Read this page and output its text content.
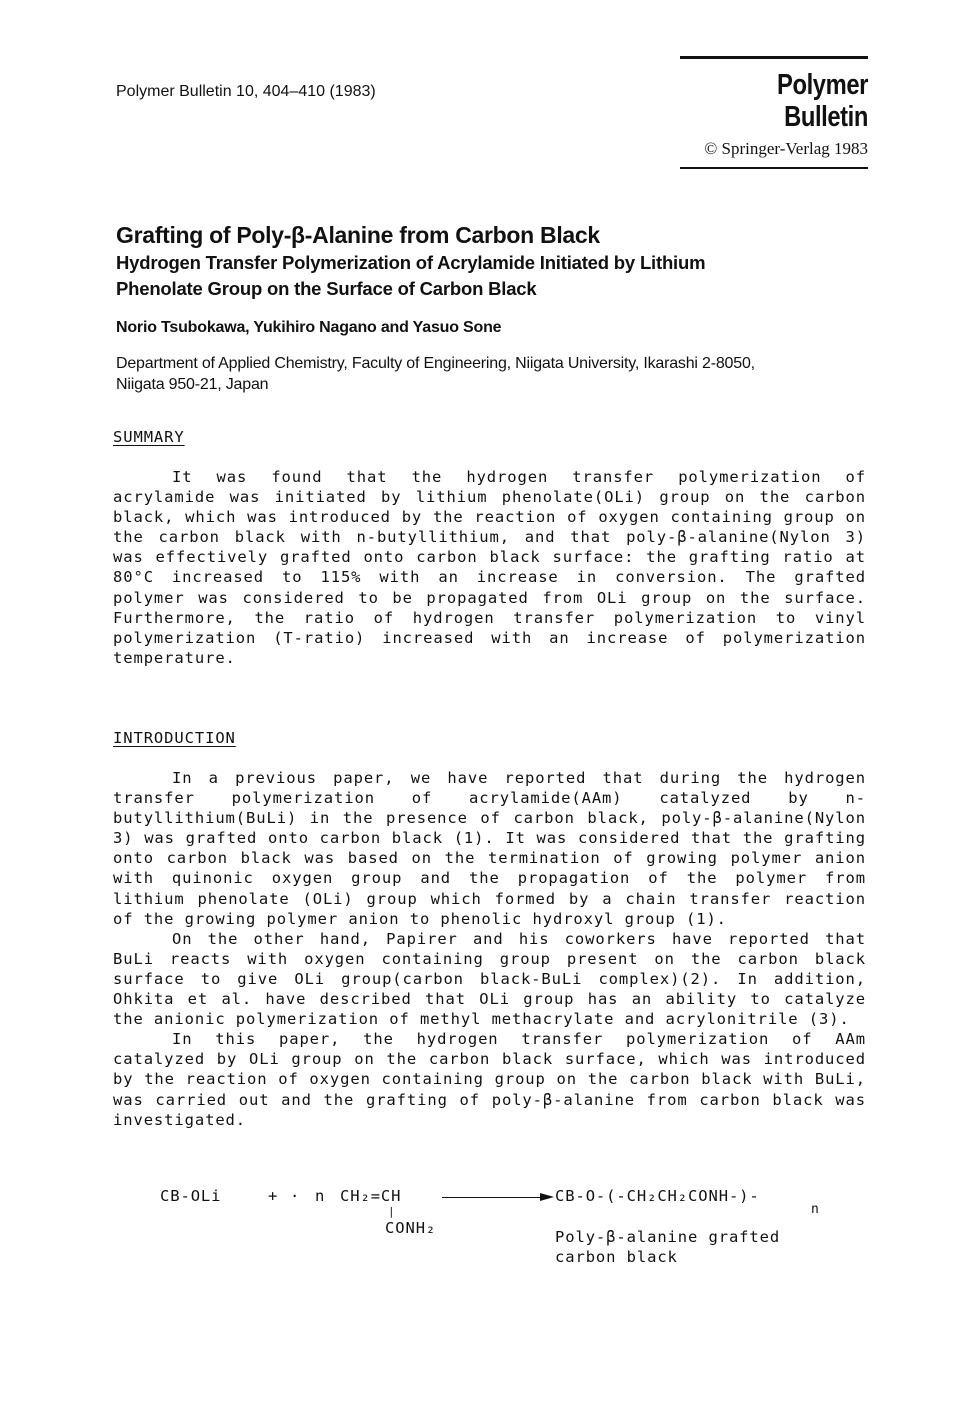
Polymer Bulletin 10, 404–410 (1983)	Polymer Bulletin
© Springer-Verlag 1983
Grafting of Poly-β-Alanine from Carbon Black
Hydrogen Transfer Polymerization of Acrylamide Initiated by Lithium
Phenolate Group on the Surface of Carbon Black
Norio Tsubokawa, Yukihiro Nagano and Yasuo Sone
Department of Applied Chemistry, Faculty of Engineering, Niigata University, Ikarashi 2-8050,
Niigata 950-21, Japan
SUMMARY

It was found that the hydrogen transfer polymerization of acrylamide was initiated by lithium phenolate(OLi) group on the carbon black, which was introduced by the reaction of oxygen containing group on the carbon black with n-butyllithium, and that poly-β-alanine(Nylon 3) was effectively grafted onto carbon black surface: the grafting ratio at 80°C increased to 115% with an increase in conversion. The grafted polymer was considered to be propagated from OLi group on the surface. Furthermore, the ratio of hydrogen transfer polymerization to vinyl polymerization (T-ratio) increased with an increase of polymerization temperature.

INTRODUCTION

In a previous paper, we have reported that during the hydrogen transfer polymerization of acrylamide(AAm) catalyzed by n-butyllithium(BuLi) in the presence of carbon black, poly-β-alanine(Nylon 3) was grafted onto carbon black (1). It was considered that the grafting onto carbon black was based on the termination of growing polymer anion with quinonic oxygen group and the propagation of the polymer from lithium phenolate (OLi) group which formed by a chain transfer reaction of the growing polymer anion to phenolic hydroxyl group (1).

On the other hand, Papirer and his coworkers have reported that BuLi reacts with oxygen containing group present on the carbon black surface to give OLi group(carbon black-BuLi complex)(2). In addition, Ohkita et al. have described that OLi group has an ability to catalyze the anionic polymerization of methyl methacrylate and acrylonitrile (3).

In this paper, the hydrogen transfer polymerization of AAm catalyzed by OLi group on the carbon black surface, which was introduced by the reaction of oxygen containing group on the carbon black with BuLi, was carried out and the grafting of poly-β-alanine from carbon black was investigated.

CB-OLi	+ · n CH₂=CH
|
CONH₂
CB-O-(-CH₂CH₂CONH-)-
n
Poly-β-alanine grafted
carbon black
